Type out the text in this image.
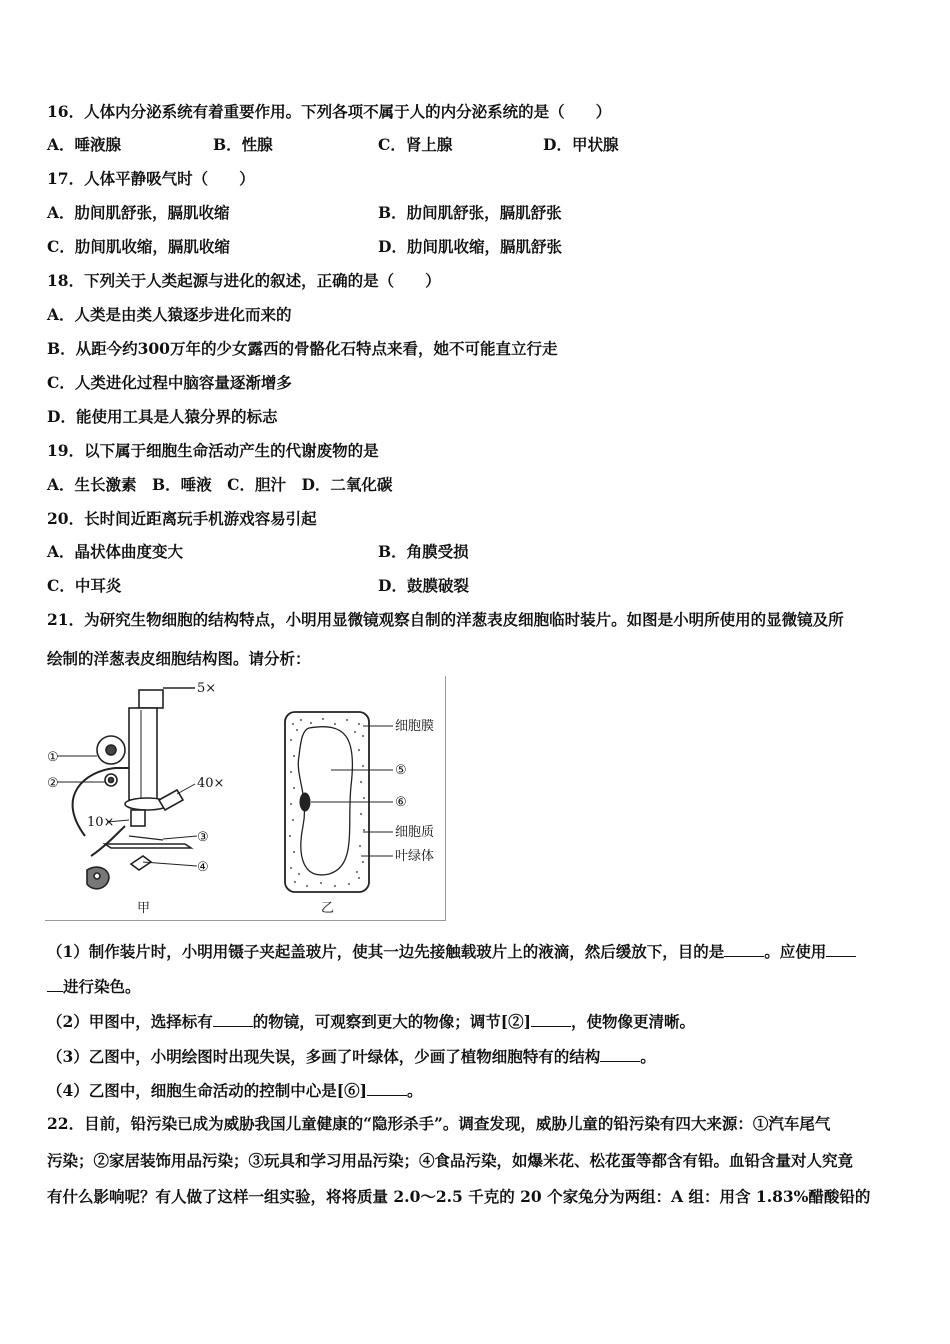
16．人体内分泌系统有着重要作用。下列各项不属于人的内分泌系统的是（　　）
A．唾液腺	B．性腺	C．肾上腺	D．甲状腺
17．人体平静吸气时（　　）
A．肋间肌舒张，膈肌收缩	B．肋间肌舒张，膈肌舒张
C．肋间肌收缩，膈肌收缩	D．肋间肌收缩，膈肌舒张
18．下列关于人类起源与进化的叙述，正确的是（　　）
A．人类是由类人猿逐步进化而来的
B．从距今约300万年的少女露西的骨骼化石特点来看，她不可能直立行走
C．人类进化过程中脑容量逐渐增多
D．能使用工具是人猿分界的标志
19．以下属于细胞生命活动产生的代谢废物的是
A．生长激素　B．唾液　C．胆汁　D．二氧化碳
20．长时间近距离玩手机游戏容易引起
A．晶状体曲度变大	B．角膜受损
C．中耳炎	D．鼓膜破裂
21．为研究生物细胞的结构特点，小明用显微镜观察自制的洋葱表皮细胞临时装片。如图是小明所使用的显微镜及所
绘制的洋葱表皮细胞结构图。请分析：
5×
40×
10×
①
②
③
④
甲
细胞膜
⑤
⑥
细胞质
叶绿体
乙
（1）制作装片时，小明用镊子夹起盖玻片，使其一边先接触载玻片上的液滴，然后缓放下，目的是	。应使用
进行染色。
（2）甲图中，选择标有	的物镜，可观察到更大的物像；调节[②]	，使物像更清晰。
（3）乙图中，小明绘图时出现失误，多画了叶绿体，少画了植物细胞特有的结构	。
（4）乙图中，细胞生命活动的控制中心是[⑥]	。
22．目前，铅污染已成为威胁我国儿童健康的“隐形杀手”。调查发现，威胁儿童的铅污染有四大来源：①汽车尾气
污染；②家居装饰用品污染；③玩具和学习用品污染；④食品污染，如爆米花、松花蛋等都含有铅。血铅含量对人究竟
有什么影响呢？有人做了这样一组实验，将将质量 2.0～2.5 千克的 20 个家兔分为两组：A 组：用含 1.83%醋酸铅的
